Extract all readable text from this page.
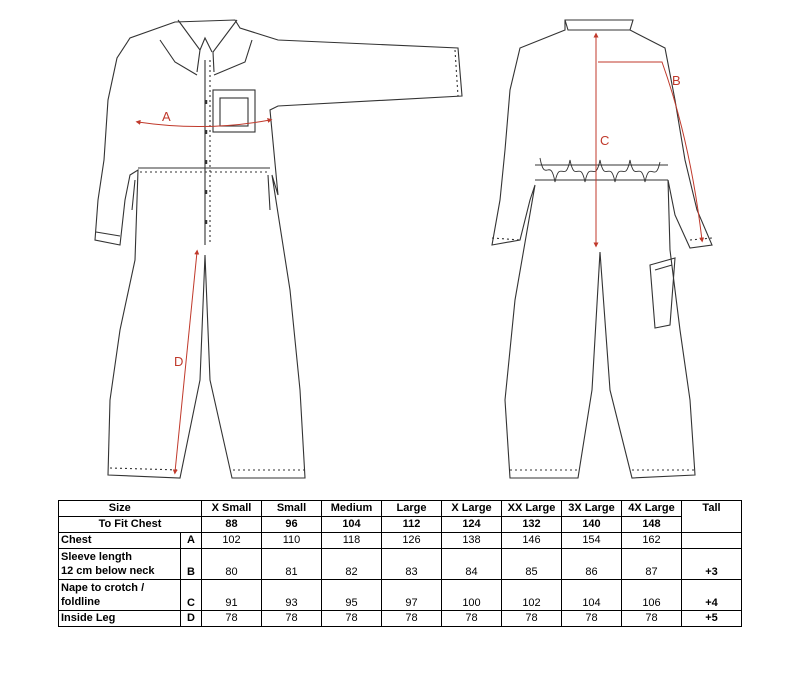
A
B
C
D
Size		X Small	Small	Medium	Large	X Large	XX Large	3X Large	4X Large	Tall
To Fit Chest		88	96	104	112	124	132	140	148	
Chest	A	102	110	118	126	138	146	154	162	

Sleeve length
12 cm below neck	B	80	81	82	83	84	85	86	87	+3

Nape to crotch /
foldline	C	91	93	95	97	100	102	104	106	+4
Inside Leg	D	78	78	78	78	78	78	78	78	+5
